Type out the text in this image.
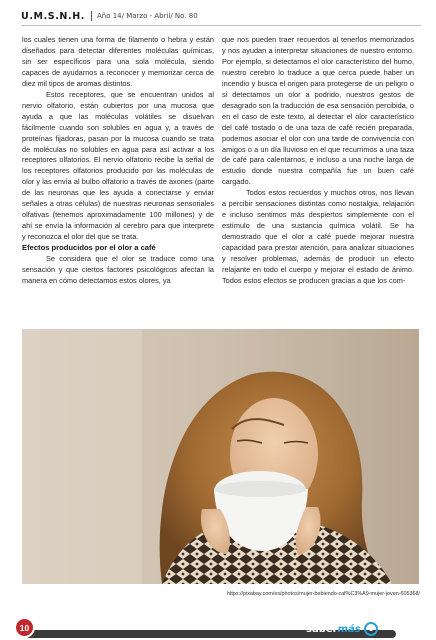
U.M.S.N.H. Año 14/ Marzo - Abril/ No. 80

los cuales tienen una forma de filamento o hebra y están diseñados para detectar diferentes moléculas químicas, sin ser específicos para una sola molécula, siendo capaces de ayudarnos a reconocer y memorizar cerca de diez mil tipos de aromas distintos.

Estos receptores, que se encuentran unidos al nervio olfatorio, están cubiertos por una mucosa que ayuda a que las moléculas volátiles se disuelvan fácilmente cuando son solubles en agua y, a través de proteínas fijadoras, pasan por la mucosa cuando se trata de moléculas no solubles en agua para así activar a los receptores olfatorios. El nervio olfatorio recibe la señal de los receptores olfatorios producido por las moléculas de olor y las envía al bulbo olfatorio a través de axones (parte de las neuronas que les ayuda a conectarse y enviar señales a otras células) de nuestras neuronas sensoriales olfativas (tenemos aproximadamente 100 millones) y de ahí se envía la información al cerebro para que interprete y reconozca el olor del que se trata.

Efectos producidos por el olor a café

Se considera que el olor se traduce como una sensación y que ciertos factores psicológicos afectan la manera en cómo detectamos estos olores, ya

que nos pueden traer recuerdos al tenerlos memorizados y nos ayudan a interpretar situaciones de nuestro entorno. Por ejemplo, si detectamos el olor característico del humo, nuestro cerebro lo traduce a que cerca puede haber un incendio y busca el origen para protegerse de un peligro o si detectamos un olor a podrido, nuestros gestos de desagrado son la traducción de esa sensación percibida, o en el caso de este texto, al detectar el olor característico del café tostado o de una taza de café recién preparada, podemos asociar el olor con una tarde de convivencia con amigos o a un día lluvioso en el que recurrimos a una taza de café para calentarnos, e incluso a una noche larga de estudio donde nuestra compañía fue un buen café cargado.

Todos estos recuerdos y muchos otros, nos llevan a percibir sensaciones distintas como nostalgia, relajación e incluso sentimos más despiertos simplemente con el estímulo de una sustancia química volátil. Se ha demostrado que el olor a café puede mejorar nuestra capacidad para prestar atención, para analizar situaciones y resolver problemas, además de producir un efecto relajante en todo el cuerpo y mejorar el estado de ánimo. Todos estos efectos se producen gracias a que los com-

https://pixabay.com/es/photos/mujer-bebiendo-caf%C3%A9-mujer-joven-605368/
10	saber más
